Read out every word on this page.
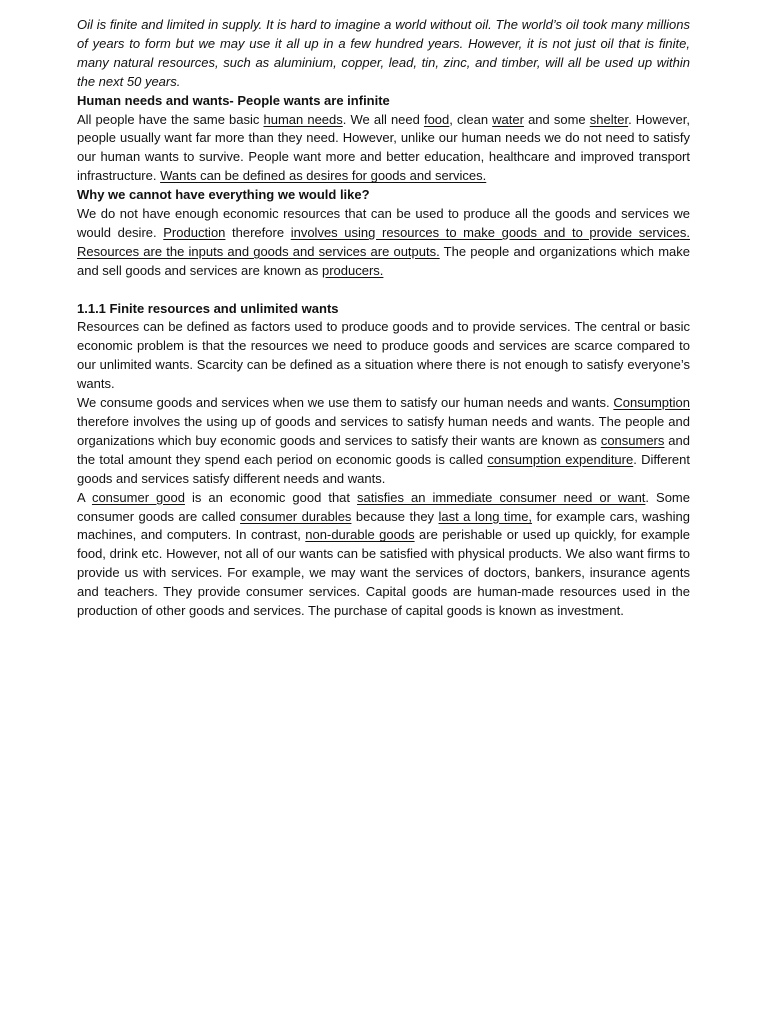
Oil is finite and limited in supply. It is hard to imagine a world without oil. The world’s oil took many millions of years to form but we may use it all up in a few hundred years. However, it is not just oil that is finite, many natural resources, such as aluminium, copper, lead, tin, zinc, and timber, will all be used up within the next 50 years.

Human needs and wants- People wants are infinite

All people have the same basic human needs. We all need food, clean water and some shelter. However, people usually want far more than they need. However, unlike our human needs we do not need to satisfy our human wants to survive. People want more and better education, healthcare and improved transport infrastructure. Wants can be defined as desires for goods and services.

Why we cannot have everything we would like?

We do not have enough economic resources that can be used to produce all the goods and services we would desire. Production therefore involves using resources to make goods and to provide services. Resources are the inputs and goods and services are outputs. The people and organizations which make and sell goods and services are known as producers.

1.1.1 Finite resources and unlimited wants

Resources can be defined as factors used to produce goods and to provide services. The central or basic economic problem is that the resources we need to produce goods and services are scarce compared to our unlimited wants. Scarcity can be defined as a situation where there is not enough to satisfy everyone’s wants.

We consume goods and services when we use them to satisfy our human needs and wants. Consumption therefore involves the using up of goods and services to satisfy human needs and wants. The people and organizations which buy economic goods and services to satisfy their wants are known as consumers and the total amount they spend each period on economic goods is called consumption expenditure. Different goods and services satisfy different needs and wants.

A consumer good is an economic good that satisfies an immediate consumer need or want. Some consumer goods are called consumer durables because they last a long time, for example cars, washing machines, and computers. In contrast, non-durable goods are perishable or used up quickly, for example food, drink etc. However, not all of our wants can be satisfied with physical products. We also want firms to provide us with services. For example, we may want the services of doctors, bankers, insurance agents and teachers. They provide consumer services. Capital goods are human-made resources used in the production of other goods and services. The purchase of capital goods is known as investment.
